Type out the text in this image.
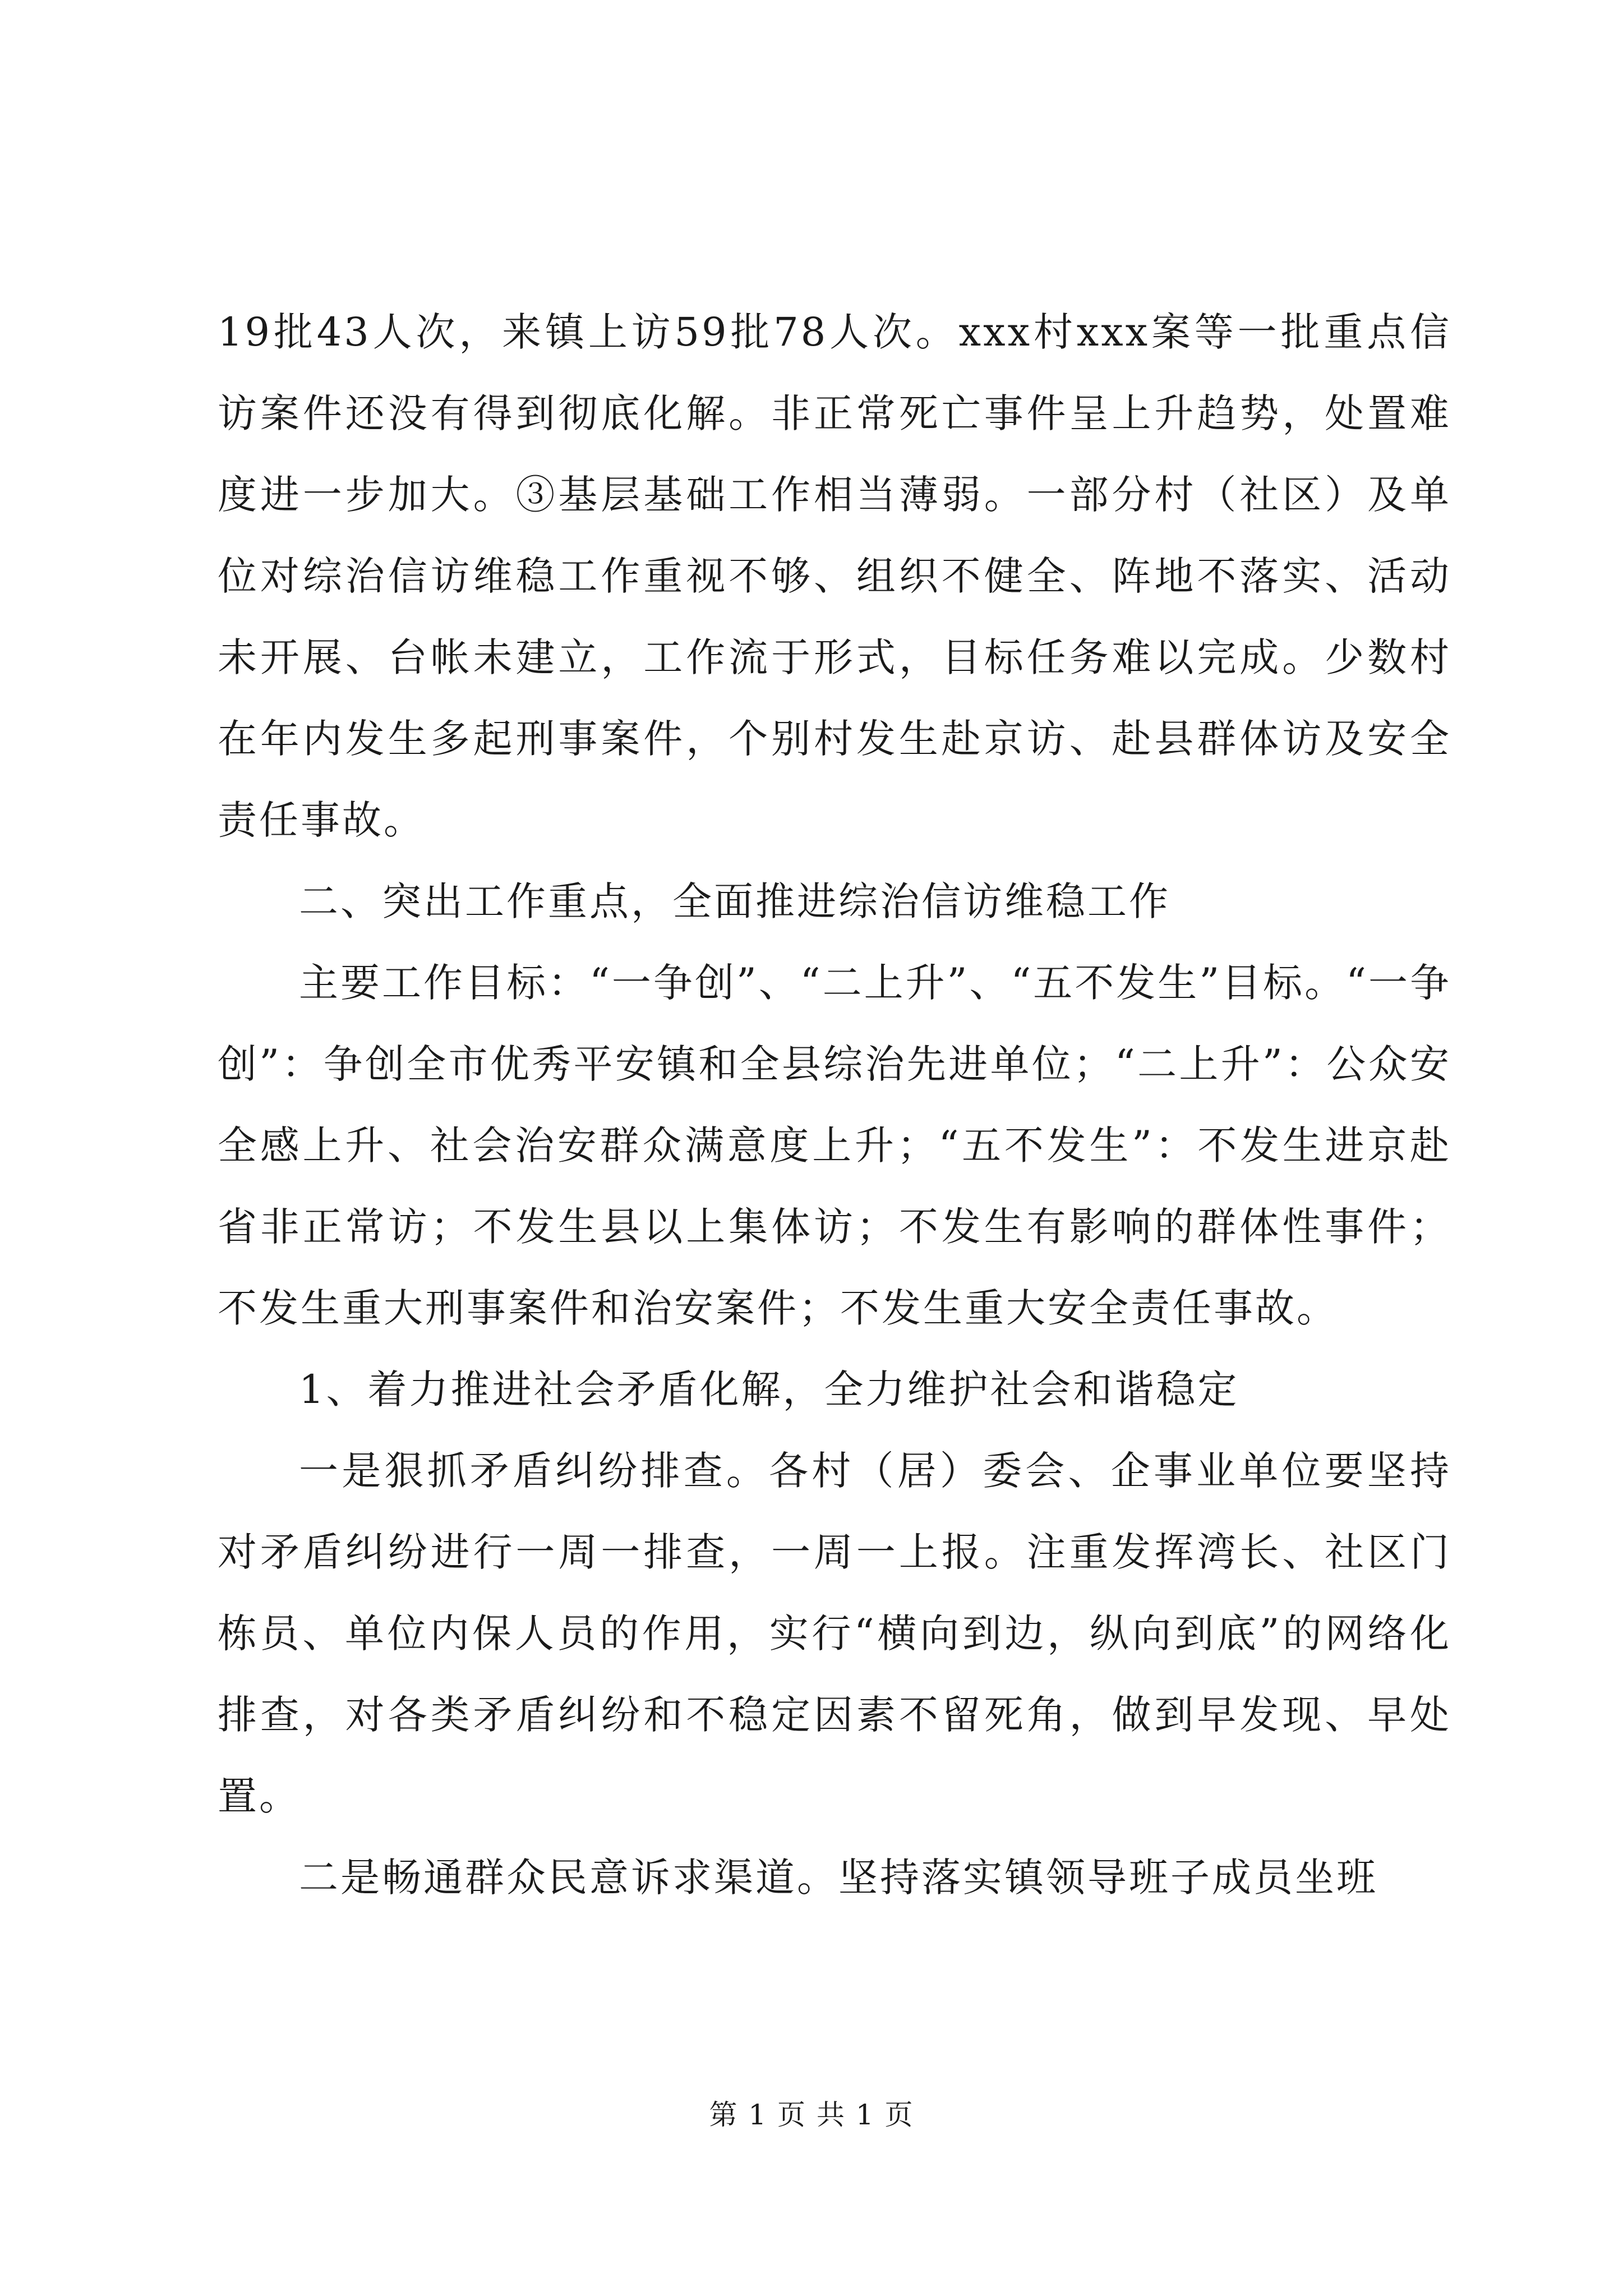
19批43人次，来镇上访59批78人次。xxx村xxx案等一批重点信访案件还没有得到彻底化解。非正常死亡事件呈上升趋势，处置难度进一步加大。③基层基础工作相当薄弱。一部分村（社区）及单位对综治信访维稳工作重视不够、组织不健全、阵地不落实、活动未开展、台帐未建立，工作流于形式，目标任务难以完成。少数村在年内发生多起刑事案件，个别村发生赴京访、赴县群体访及安全责任事故。

二、突出工作重点，全面推进综治信访维稳工作

主要工作目标：“一争创”、“二上升”、“五不发生”目标。“一争创”：争创全市优秀平安镇和全县综治先进单位；“二上升”：公众安全感上升、社会治安群众满意度上升；“五不发生”：不发生进京赴省非正常访；不发生县以上集体访；不发生有影响的群体性事件；不发生重大刑事案件和治安案件；不发生重大安全责任事故。

1、着力推进社会矛盾化解，全力维护社会和谐稳定

一是狠抓矛盾纠纷排查。各村（居）委会、企事业单位要坚持对矛盾纠纷进行一周一排查，一周一上报。注重发挥湾长、社区门栋员、单位内保人员的作用，实行“横向到边，纵向到底”的网络化排查，对各类矛盾纠纷和不稳定因素不留死角，做到早发现、早处置。

二是畅通群众民意诉求渠道。坚持落实镇领导班子成员坐班

第 1 页 共 1 页
